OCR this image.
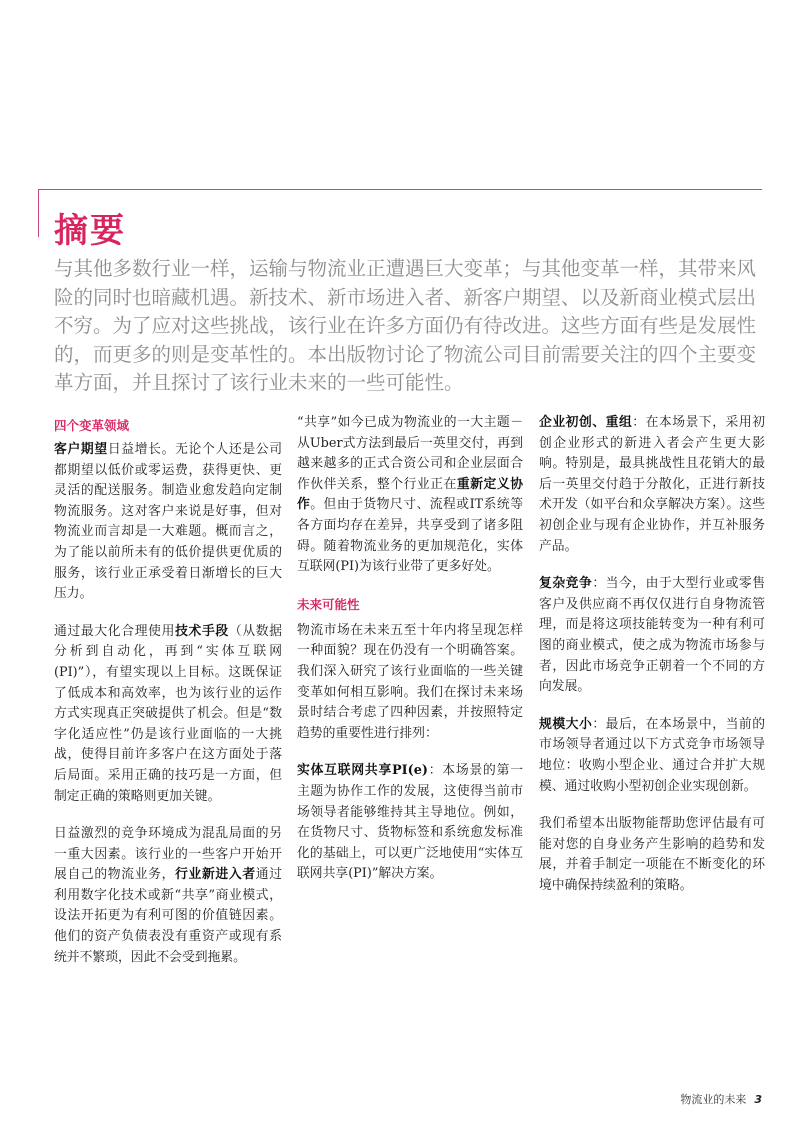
摘要

与其他多数行业一样，运输与物流业正遭遇巨大变革；与其他变革一样，其带来风险的同时也暗藏机遇。新技术、新市场进入者、新客户期望、以及新商业模式层出不穷。为了应对这些挑战，该行业在许多方面仍有待改进。这些方面有些是发展性的，而更多的则是变革性的。本出版物讨论了物流公司目前需要关注的四个主要变革方面，并且探讨了该行业未来的一些可能性。

四个变革领域

客户期望日益增长。无论个人还是公司都期望以低价或零运费，获得更快、更灵活的配送服务。制造业愈发趋向定制物流服务。这对客户来说是好事，但对物流业而言却是一大难题。概而言之，为了能以前所未有的低价提供更优质的服务，该行业正承受着日渐增长的巨大压力。

通过最大化合理使用技术手段（从数据分析到自动化，再到“实体互联网(PI)”），有望实现以上目标。这既保证了低成本和高效率，也为该行业的运作方式实现真正突破提供了机会。但是“数字化适应性”仍是该行业面临的一大挑战，使得目前许多客户在这方面处于落后局面。采用正确的技巧是一方面，但制定正确的策略则更加关键。

日益激烈的竞争环境成为混乱局面的另一重大因素。该行业的一些客户开始开展自己的物流业务，行业新进入者通过利用数字化技术或新“共享”商业模式，设法开拓更为有利可图的价值链因素。他们的资产负债表没有重资产或现有系统并不繁琐，因此不会受到拖累。

“共享”如今已成为物流业的一大主题－从Uber式方法到最后一英里交付，再到越来越多的正式合资公司和企业层面合作伙伴关系，整个行业正在重新定义协作。但由于货物尺寸、流程或IT系统等各方面均存在差异，共享受到了诸多阻碍。随着物流业务的更加规范化，实体互联网(PI)为该行业带了更多好处。

未来可能性

物流市场在未来五至十年内将呈现怎样一种面貌？现在仍没有一个明确答案。我们深入研究了该行业面临的一些关键变革如何相互影响。我们在探讨未来场景时结合考虑了四种因素，并按照特定趋势的重要性进行排列：

实体互联网共享PI(e)：本场景的第一主题为协作工作的发展，这使得当前市场领导者能够维持其主导地位。例如，在货物尺寸、货物标签和系统愈发标准化的基础上，可以更广泛地使用“实体互联网共享(PI)”解决方案。

企业初创、重组：在本场景下，采用初创企业形式的新进入者会产生更大影响。特别是，最具挑战性且花销大的最后一英里交付趋于分散化，正进行新技术开发（如平台和众享解决方案）。这些初创企业与现有企业协作，并互补服务产品。

复杂竞争：当今，由于大型行业或零售客户及供应商不再仅仅进行自身物流管理，而是将这项技能转变为一种有利可图的商业模式，使之成为物流市场参与者，因此市场竞争正朝着一个不同的方向发展。

规模大小：最后，在本场景中，当前的市场领导者通过以下方式竞争市场领导地位：收购小型企业、通过合并扩大规模、通过收购小型初创企业实现创新。

我们希望本出版物能帮助您评估最有可能对您的自身业务产生影响的趋势和发展，并着手制定一项能在不断变化的环境中确保持续盈利的策略。

物流业的未来 3
